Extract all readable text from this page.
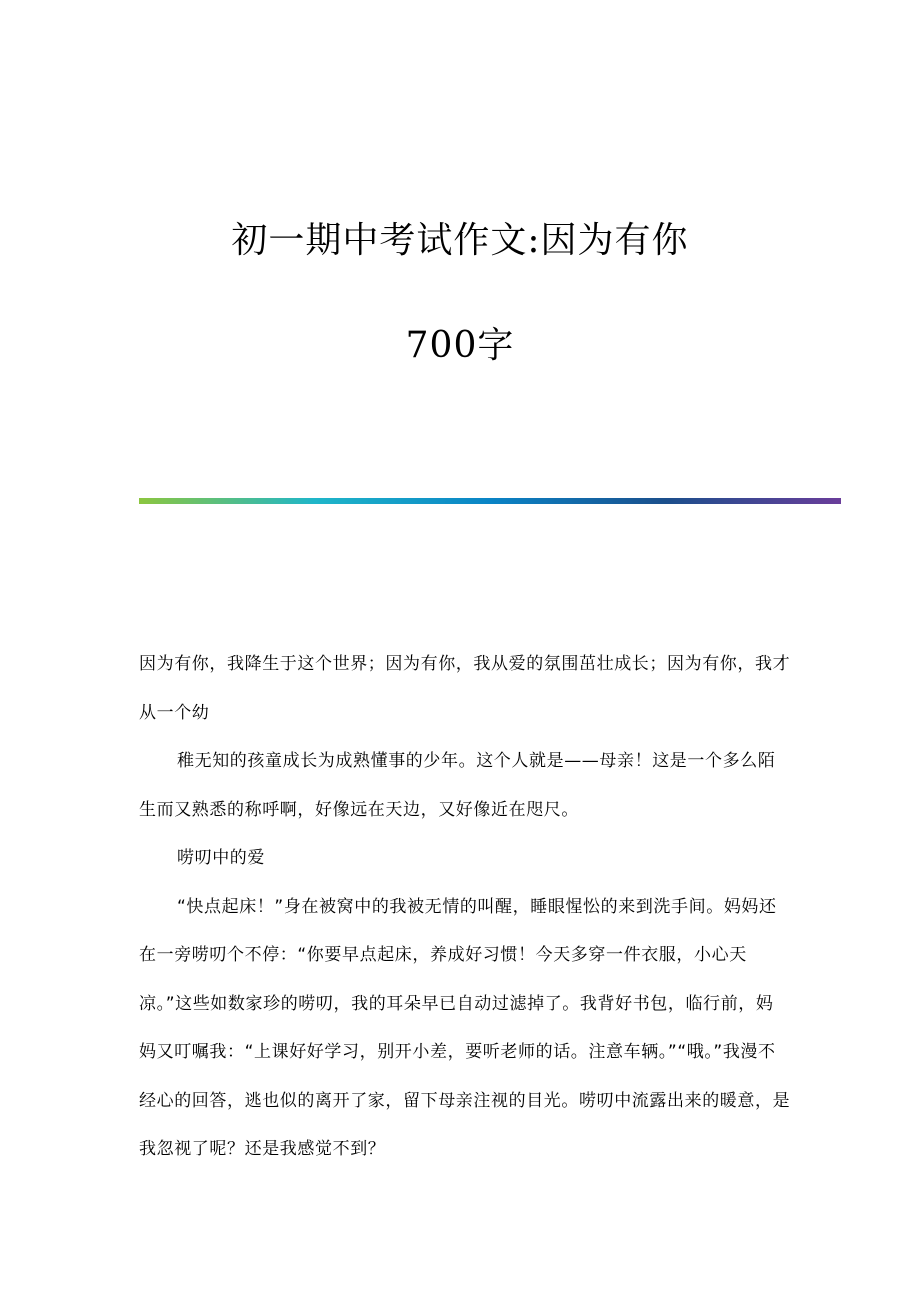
初一期中考试作文:因为有你
700字

因为有你，我降生于这个世界；因为有你，我从爱的氛围茁壮成长；因为有你，我才从一个幼

稚无知的孩童成长为成熟懂事的少年。这个人就是——母亲！这是一个多么陌生而又熟悉的称呼啊，好像远在天边，又好像近在咫尺。

唠叨中的爱

“快点起床！”身在被窝中的我被无情的叫醒，睡眼惺忪的来到洗手间。妈妈还在一旁唠叨个不停：“你要早点起床，养成好习惯！今天多穿一件衣服，小心天凉。”这些如数家珍的唠叨，我的耳朵早已自动过滤掉了。我背好书包，临行前，妈妈又叮嘱我：“上课好好学习，别开小差，要听老师的话。注意车辆。”“哦。”我漫不经心的回答，逃也似的离开了家，留下母亲注视的目光。唠叨中流露出来的暖意，是我忽视了呢？还是我感觉不到？
